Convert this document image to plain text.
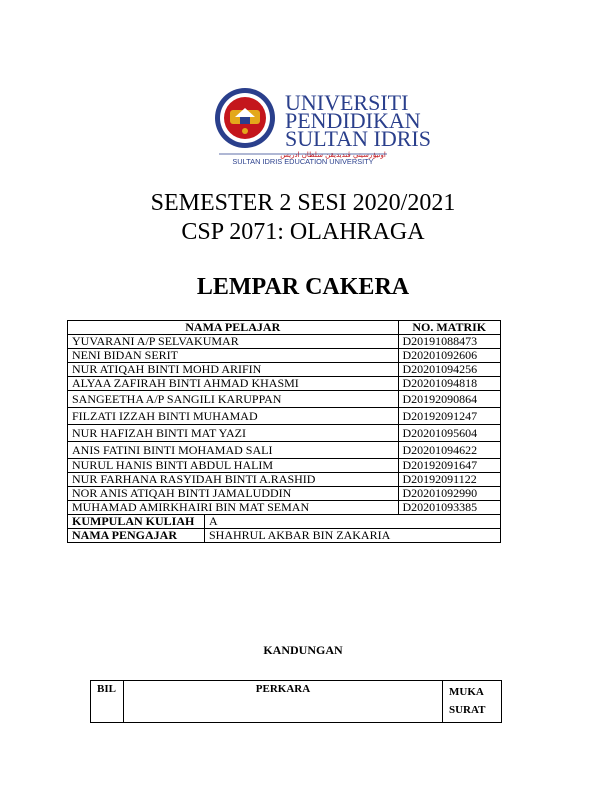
UNIVERSITI
PENDIDIKAN
SULTAN IDRIS
اونيۏرسيتي ڤنديديقن سلطان ادريس
SULTAN IDRIS EDUCATION UNIVERSITY
SEMESTER 2 SESI 2020/2021
CSP 2071: OLAHRAGA
LEMPAR CAKERA
NAMA PELAJAR		NO. MATRIK
YUVARANI A/P SELVAKUMAR		D20191088473
NENI BIDAN SERIT		D20201092606
NUR ATIQAH BINTI MOHD ARIFIN		D20201094256
ALYAA ZAFIRAH BINTI AHMAD KHASMI		D20201094818
SANGEETHA A/P SANGILI KARUPPAN		D20192090864
FILZATI IZZAH BINTI MUHAMAD		D20192091247
NUR HAFIZAH BINTI MAT YAZI		D20201095604
ANIS FATINI BINTI MOHAMAD SALI		D20201094622
NURUL HANIS BINTI ABDUL HALIM		D20192091647
NUR FARHANA RASYIDAH BINTI A.RASHID		D20192091122
NOR ANIS ATIQAH BINTI JAMALUDDIN		D20201092990
MUHAMAD AMIRKHAIRI BIN MAT SEMAN		D20201093385
KUMPULAN KULIAH	A	
NAMA PENGAJAR	SHAHRUL AKBAR BIN ZAKARIA	
KANDUNGAN
BIL	PERKARA	MUKA
SURAT
